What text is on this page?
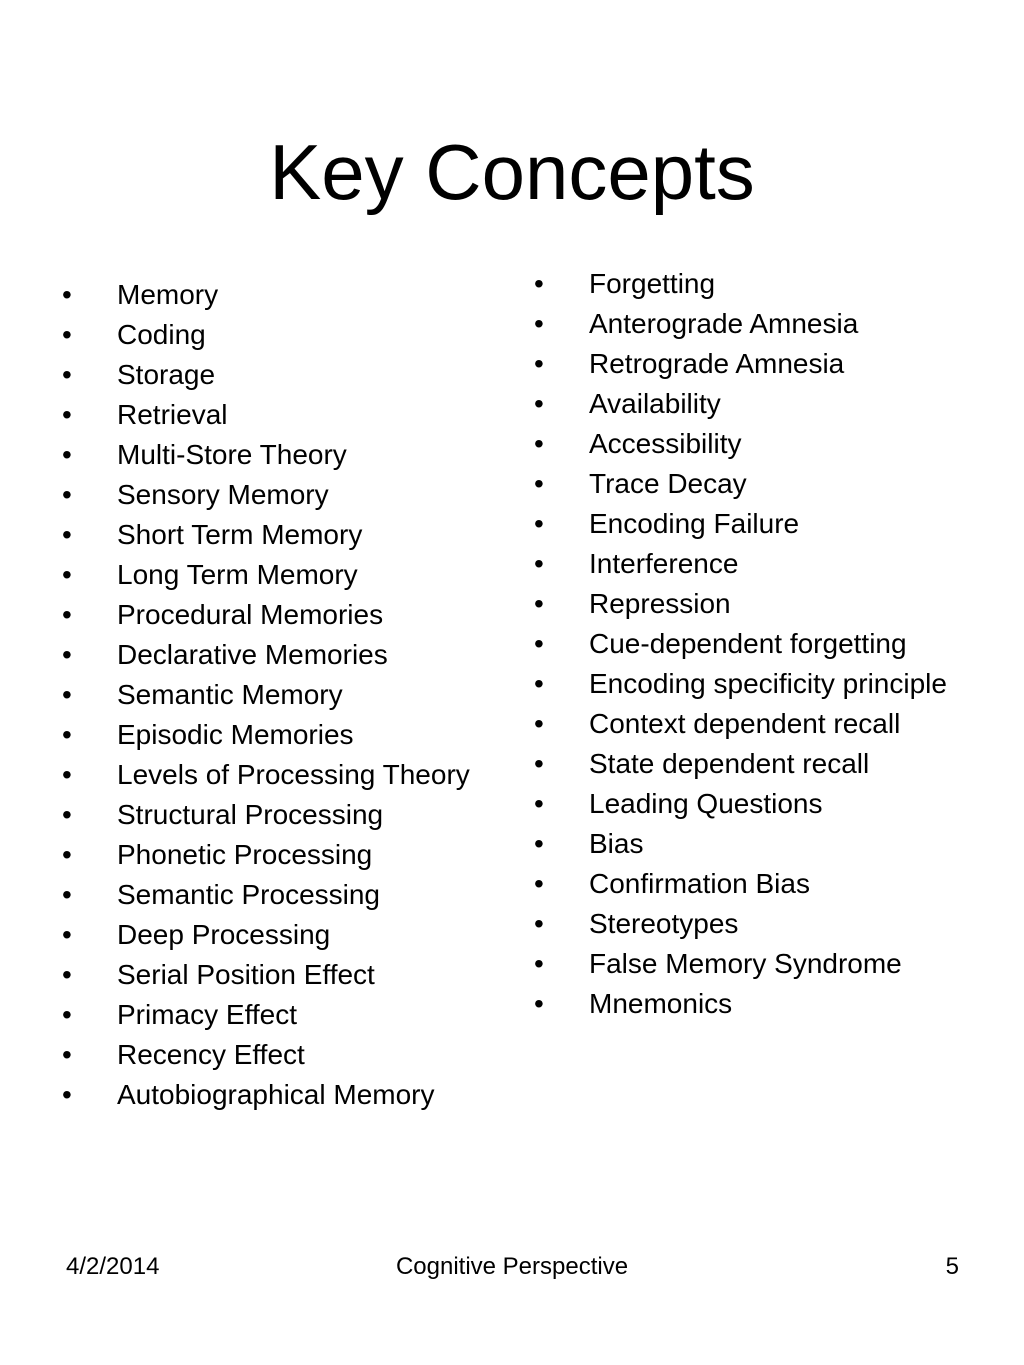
Key Concepts
•	Memory
•	Coding
•	Storage
•	Retrieval
•	Multi-Store Theory
•	Sensory Memory
•	Short Term Memory
•	Long Term Memory
•	Procedural Memories
•	Declarative Memories
•	Semantic Memory
•	Episodic Memories
•	Levels of Processing Theory
•	Structural Processing
•	Phonetic Processing
•	Semantic Processing
•	Deep Processing
•	Serial Position Effect
•	Primacy Effect
•	Recency Effect
•	Autobiographical Memory
•	Forgetting
•	Anterograde Amnesia
•	Retrograde Amnesia
•	Availability
•	Accessibility
•	Trace Decay
•	Encoding Failure
•	Interference
•	Repression
•	Cue-dependent forgetting
•	Encoding specificity principle
•	Context dependent recall
•	State dependent recall
•	Leading Questions
•	Bias
•	Confirmation Bias
•	Stereotypes
•	False Memory Syndrome
•	Mnemonics
4/2/2014	Cognitive Perspective	5
